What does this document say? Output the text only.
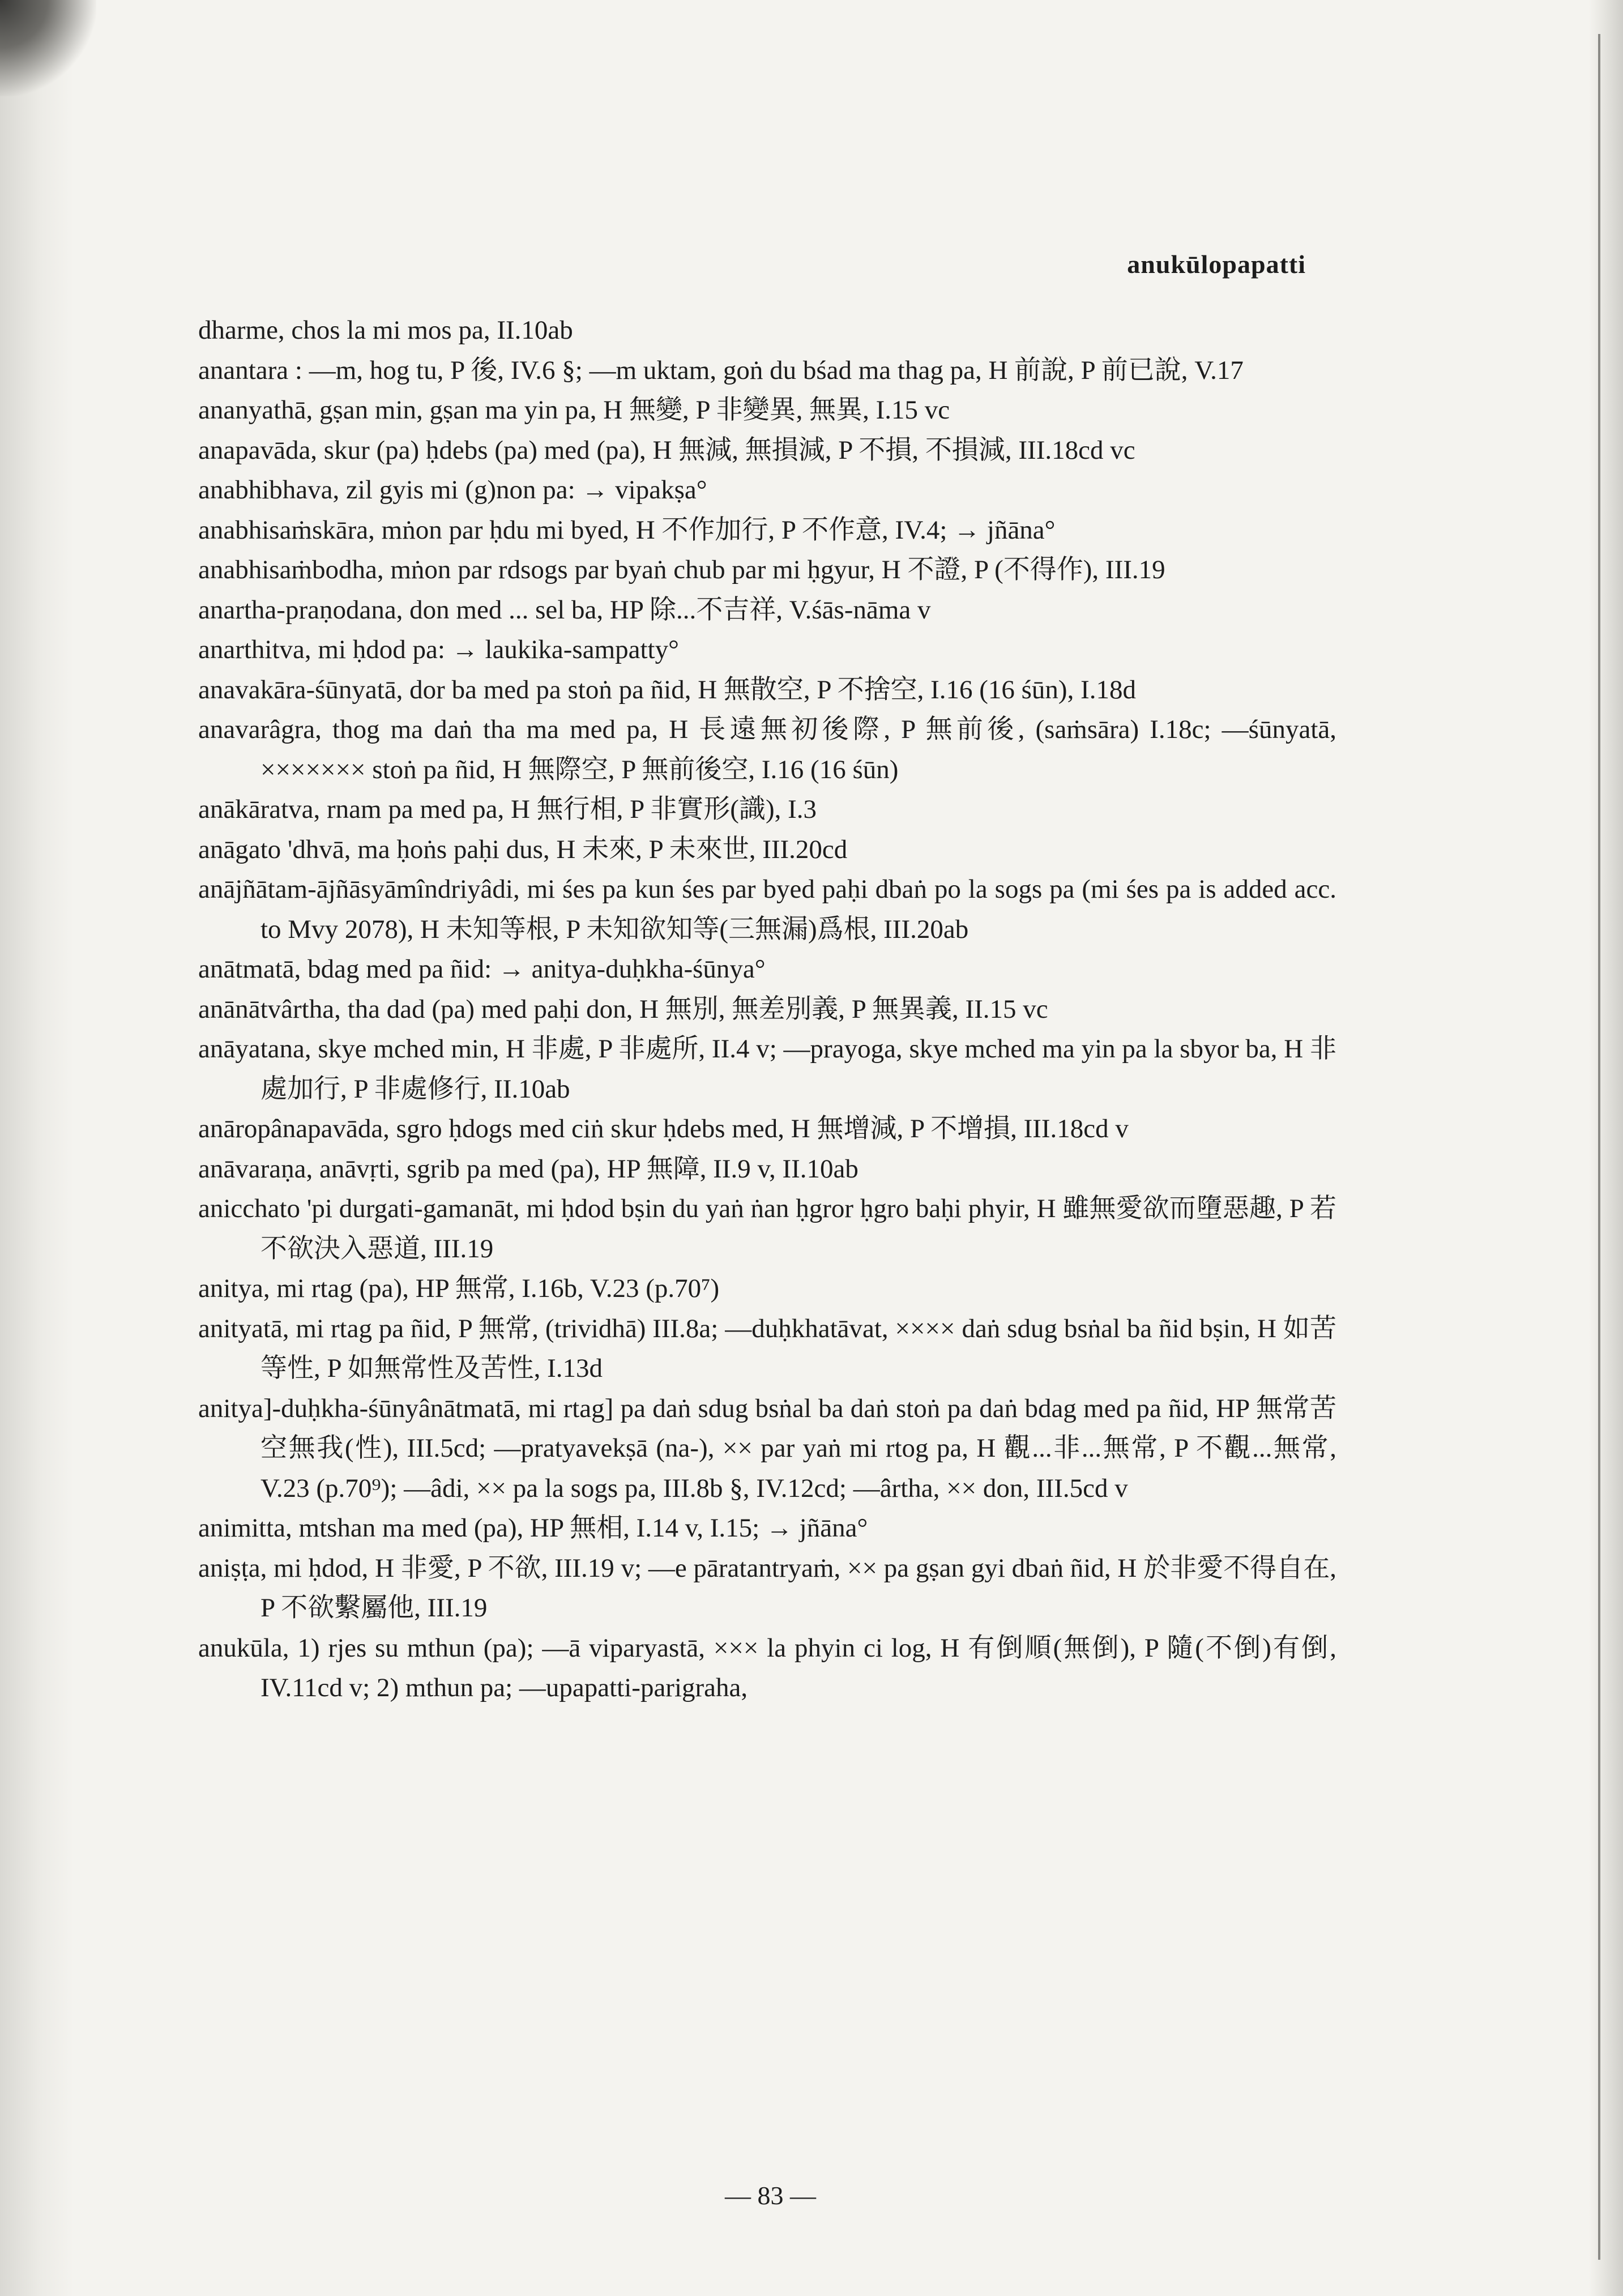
anukūlopapatti
dharme, chos la mi mos pa, II.10ab
anantara : —m, hog tu, P 後, IV.6 §; —m uktam, goṅ du bśad ma thag pa, H 前說, P 前已說, V.17
ananyathā, gṣan min, gṣan ma yin pa, H 無變, P 非變異, 無異, I.15 vc
anapavāda, skur (pa) ḥdebs (pa) med (pa), H 無減, 無損減, P 不損, 不損減, III.18cd vc
anabhibhava, zil gyis mi (g)non pa: → vipakṣa°
anabhisaṁskāra, mṅon par ḥdu mi byed, H 不作加行, P 不作意, IV.4; → jñāna°
anabhisaṁbodha, mṅon par rdsogs par byaṅ chub par mi ḥgyur, H 不證, P (不得作), III.19
anartha-praṇodana, don med ... sel ba, HP 除...不吉祥, V.śās-nāma v
anarthitva, mi ḥdod pa: → laukika-sampatty°
anavakāra-śūnyatā, dor ba med pa stoṅ pa ñid, H 無散空, P 不捨空, I.16 (16 śūn), I.18d
anavarâgra, thog ma daṅ tha ma med pa, H 長遠無初後際, P 無前後, (saṁsāra) I.18c; —śūnyatā, ××××××× stoṅ pa ñid, H 無際空, P 無前後空, I.16 (16 śūn)
anākāratva, rnam pa med pa, H 無行相, P 非實形(識), I.3
anāgato 'dhvā, ma ḥoṅs paḥi dus, H 未來, P 未來世, III.20cd
anājñātam-ājñāsyāmîndriyâdi, mi śes pa kun śes par byed paḥi dbaṅ po la sogs pa (mi śes pa is added acc. to Mvy 2078), H 未知等根, P 未知欲知等(三無漏)爲根, III.20ab
anātmatā, bdag med pa ñid: → anitya-duḥkha-śūnya°
anānātvârtha, tha dad (pa) med paḥi don, H 無別, 無差別義, P 無異義, II.15 vc
anāyatana, skye mched min, H 非處, P 非處所, II.4 v; —prayoga, skye mched ma yin pa la sbyor ba, H 非處加行, P 非處修行, II.10ab
anāropânapavāda, sgro ḥdogs med ciṅ skur ḥdebs med, H 無增減, P 不增損, III.18cd v
anāvaraṇa, anāvṛti, sgrib pa med (pa), HP 無障, II.9 v, II.10ab
anicchato 'pi durgati-gamanāt, mi ḥdod bṣin du yaṅ ṅan ḥgror ḥgro baḥi phyir, H 雖無愛欲而墮惡趣, P 若不欲決入惡道, III.19
anitya, mi rtag (pa), HP 無常, I.16b, V.23 (p.70⁷)
anityatā, mi rtag pa ñid, P 無常, (trividhā) III.8a; —duḥkhatāvat, ×××× daṅ sdug bsṅal ba ñid bṣin, H 如苦等性, P 如無常性及苦性, I.13d
anitya]-duḥkha-śūnyânātmatā, mi rtag] pa daṅ sdug bsṅal ba daṅ stoṅ pa daṅ bdag med pa ñid, HP 無常苦空無我(性), III.5cd; —pratyavekṣā (na-), ×× par yaṅ mi rtog pa, H 觀...非...無常, P 不觀...無常, V.23 (p.70⁹); —âdi, ×× pa la sogs pa, III.8b §, IV.12cd; —ârtha, ×× don, III.5cd v
animitta, mtshan ma med (pa), HP 無相, I.14 v, I.15; → jñāna°
aniṣṭa, mi ḥdod, H 非愛, P 不欲, III.19 v; —e pāratantryaṁ, ×× pa gṣan gyi dbaṅ ñid, H 於非愛不得自在, P 不欲繫屬他, III.19
anukūla, 1) rjes su mthun (pa); —ā viparyastā, ××× la phyin ci log, H 有倒順(無倒), P 隨(不倒)有倒, IV.11cd v; 2) mthun pa; —upapatti-parigraha,
— 83 —
